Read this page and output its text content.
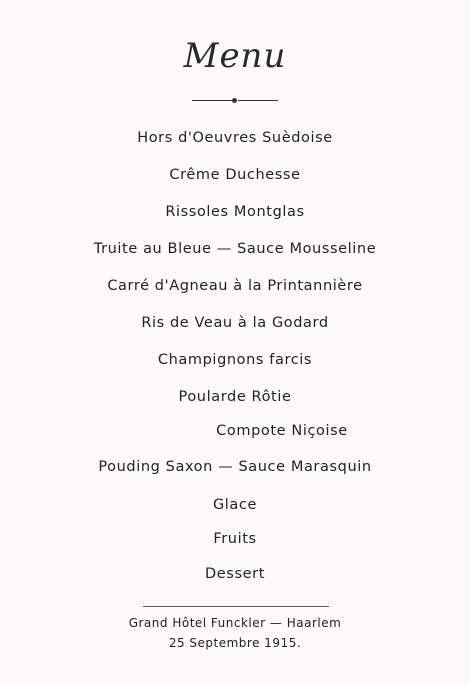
Menu
Hors d'Oeuvres Suèdoise
Crême Duchesse
Rissoles Montglas
Truite au Bleue — Sauce Mousseline
Carré d'Agneau à la Printannière
Ris de Veau à la Godard
Champignons farcis
Poularde Rôtie
Compote Niçoise
Pouding Saxon — Sauce Marasquin
Glace
Fruits
Dessert
Grand Hôtel Funckler — Haarlem
25 Septembre 1915.
